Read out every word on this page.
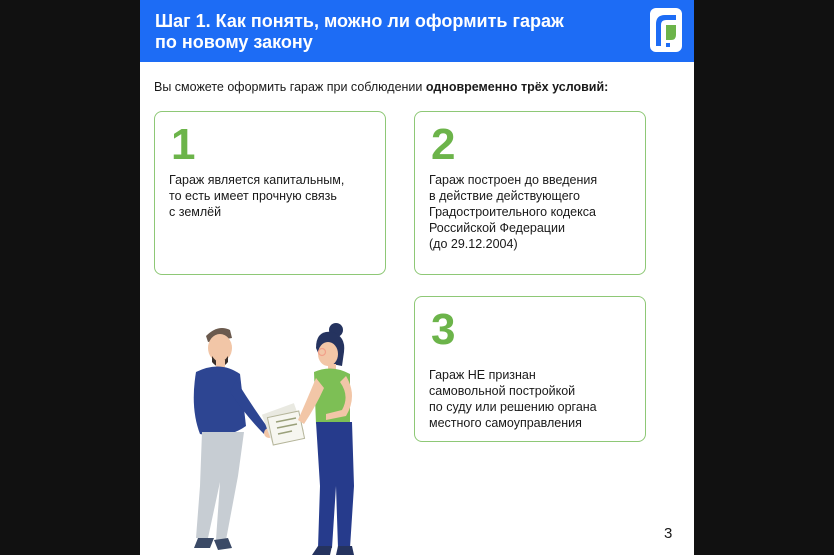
Шаг 1. Как понять, можно ли оформить гараж
по новому закону
Вы сможете оформить гараж при соблюдении одновременно трёх условий:
1
Гараж является капитальным,
то есть имеет прочную связь
с землёй
2
Гараж построен до введения
в действие действующего
Градостроительного кодекса
Российской Федерации
(до 29.12.2004)
3
Гараж НЕ признан
самовольной постройкой
по суду или решению органа
местного самоуправления
3
